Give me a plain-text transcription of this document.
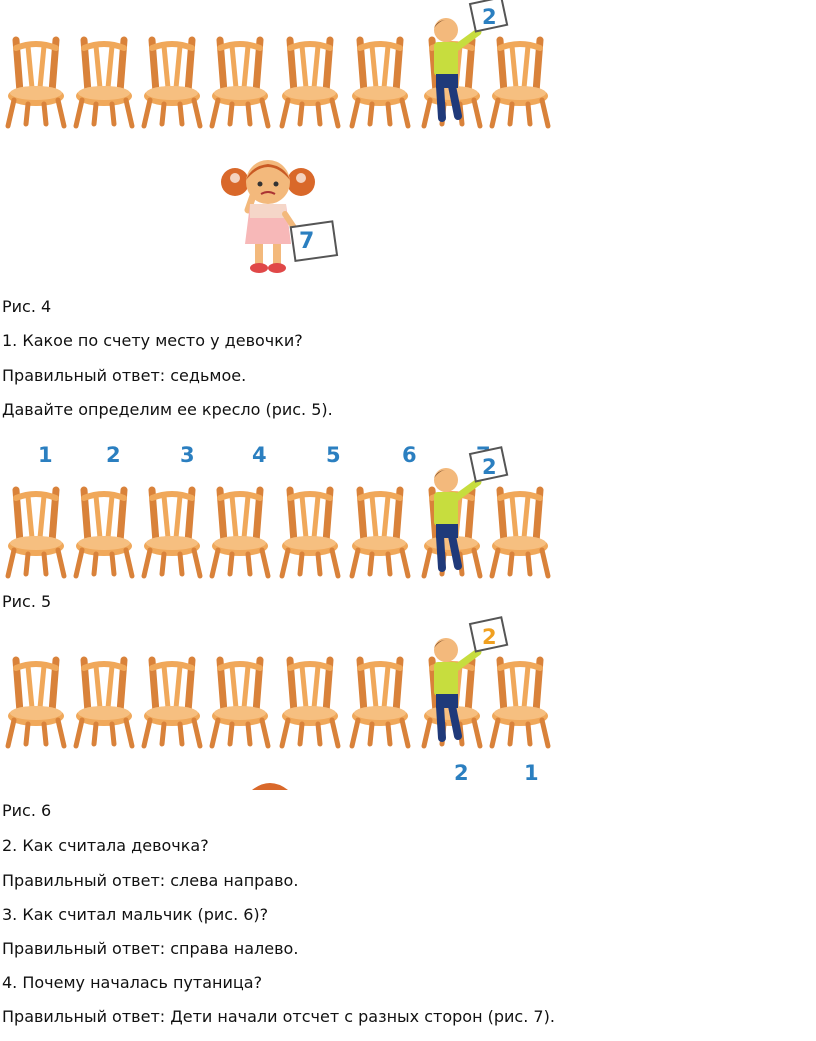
2
7
Рис. 4
1. Какое по счету место у девочки?
Правильный ответ: седьмое.
Давайте определим ее кресло (рис. 5).
1	2	3	4	5	6	2
Рис. 5
2
2	1
Рис. 6
2. Как считала девочка?
Правильный ответ: слева направо.
3. Как считал мальчик (рис. 6)?
Правильный ответ: справа налево.
4. Почему началась путаница?
Правильный ответ: Дети начали отсчет с разных сторон (рис. 7).
